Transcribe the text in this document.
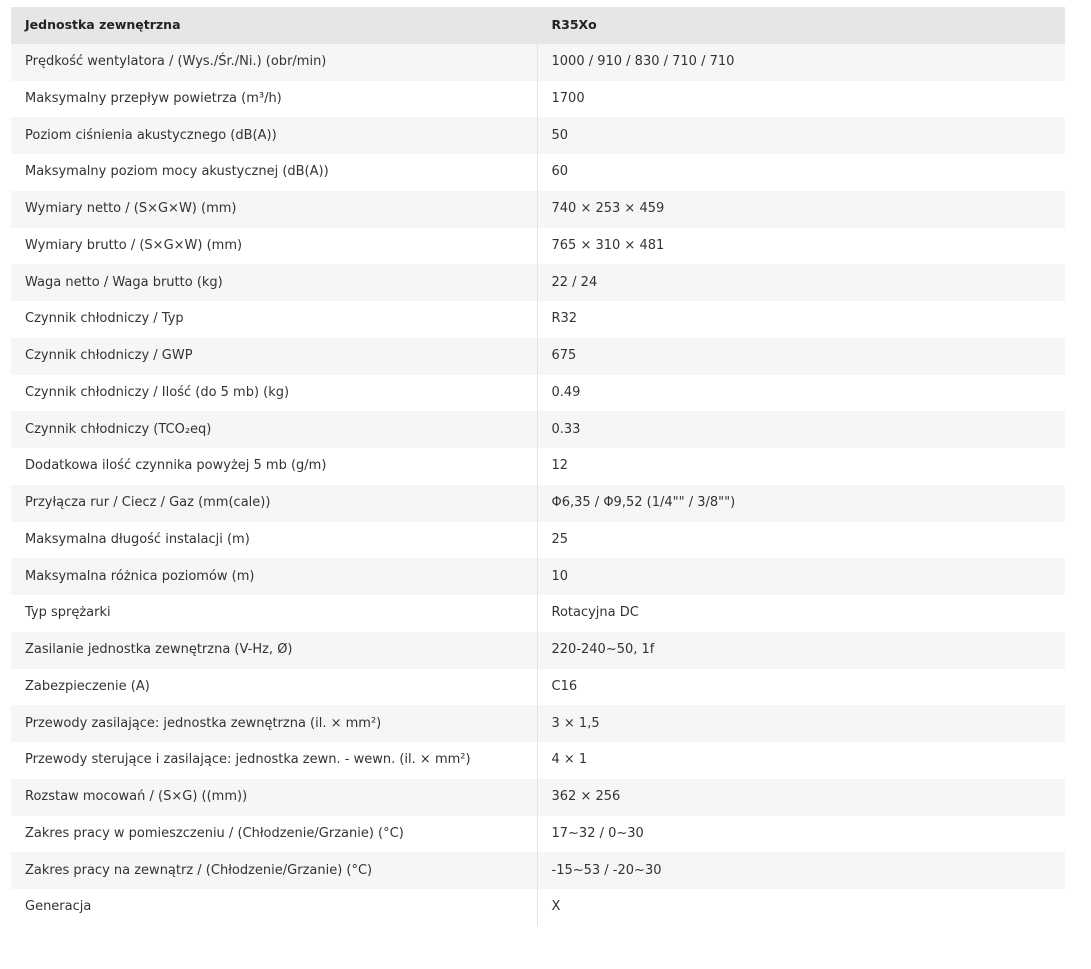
Jednostka zewnętrzna	R35Xo
Prędkość wentylatora / (Wys./Śr./Ni.) (obr/min)	1000 / 910 / 830 / 710 / 710
Maksymalny przepływ powietrza (m³/h)	1700
Poziom ciśnienia akustycznego (dB(A))	50
Maksymalny poziom mocy akustycznej (dB(A))	60
Wymiary netto / (S×G×W) (mm)	740 × 253 × 459
Wymiary brutto / (S×G×W) (mm)	765 × 310 × 481
Waga netto / Waga brutto (kg)	22 / 24
Czynnik chłodniczy / Typ	R32
Czynnik chłodniczy / GWP	675
Czynnik chłodniczy / Ilość (do 5 mb) (kg)	0.49
Czynnik chłodniczy (TCO₂eq)	0.33
Dodatkowa ilość czynnika powyżej 5 mb (g/m)	12
Przyłącza rur / Ciecz / Gaz (mm(cale))	Φ6,35 / Φ9,52 (1/4"" / 3/8"")
Maksymalna długość instalacji (m)	25
Maksymalna różnica poziomów (m)	10
Typ sprężarki	Rotacyjna DC
Zasilanie jednostka zewnętrzna (V-Hz, Ø)	220-240~50, 1f
Zabezpieczenie (A)	C16
Przewody zasilające: jednostka zewnętrzna (il. × mm²)	3 × 1,5
Przewody sterujące i zasilające: jednostka zewn. - wewn. (il. × mm²)	4 × 1
Rozstaw mocowań / (S×G) ((mm))	362 × 256
Zakres pracy w pomieszczeniu / (Chłodzenie/Grzanie) (°C)	17~32 / 0~30
Zakres pracy na zewnątrz / (Chłodzenie/Grzanie) (°C)	-15~53 / -20~30
Generacja	X
